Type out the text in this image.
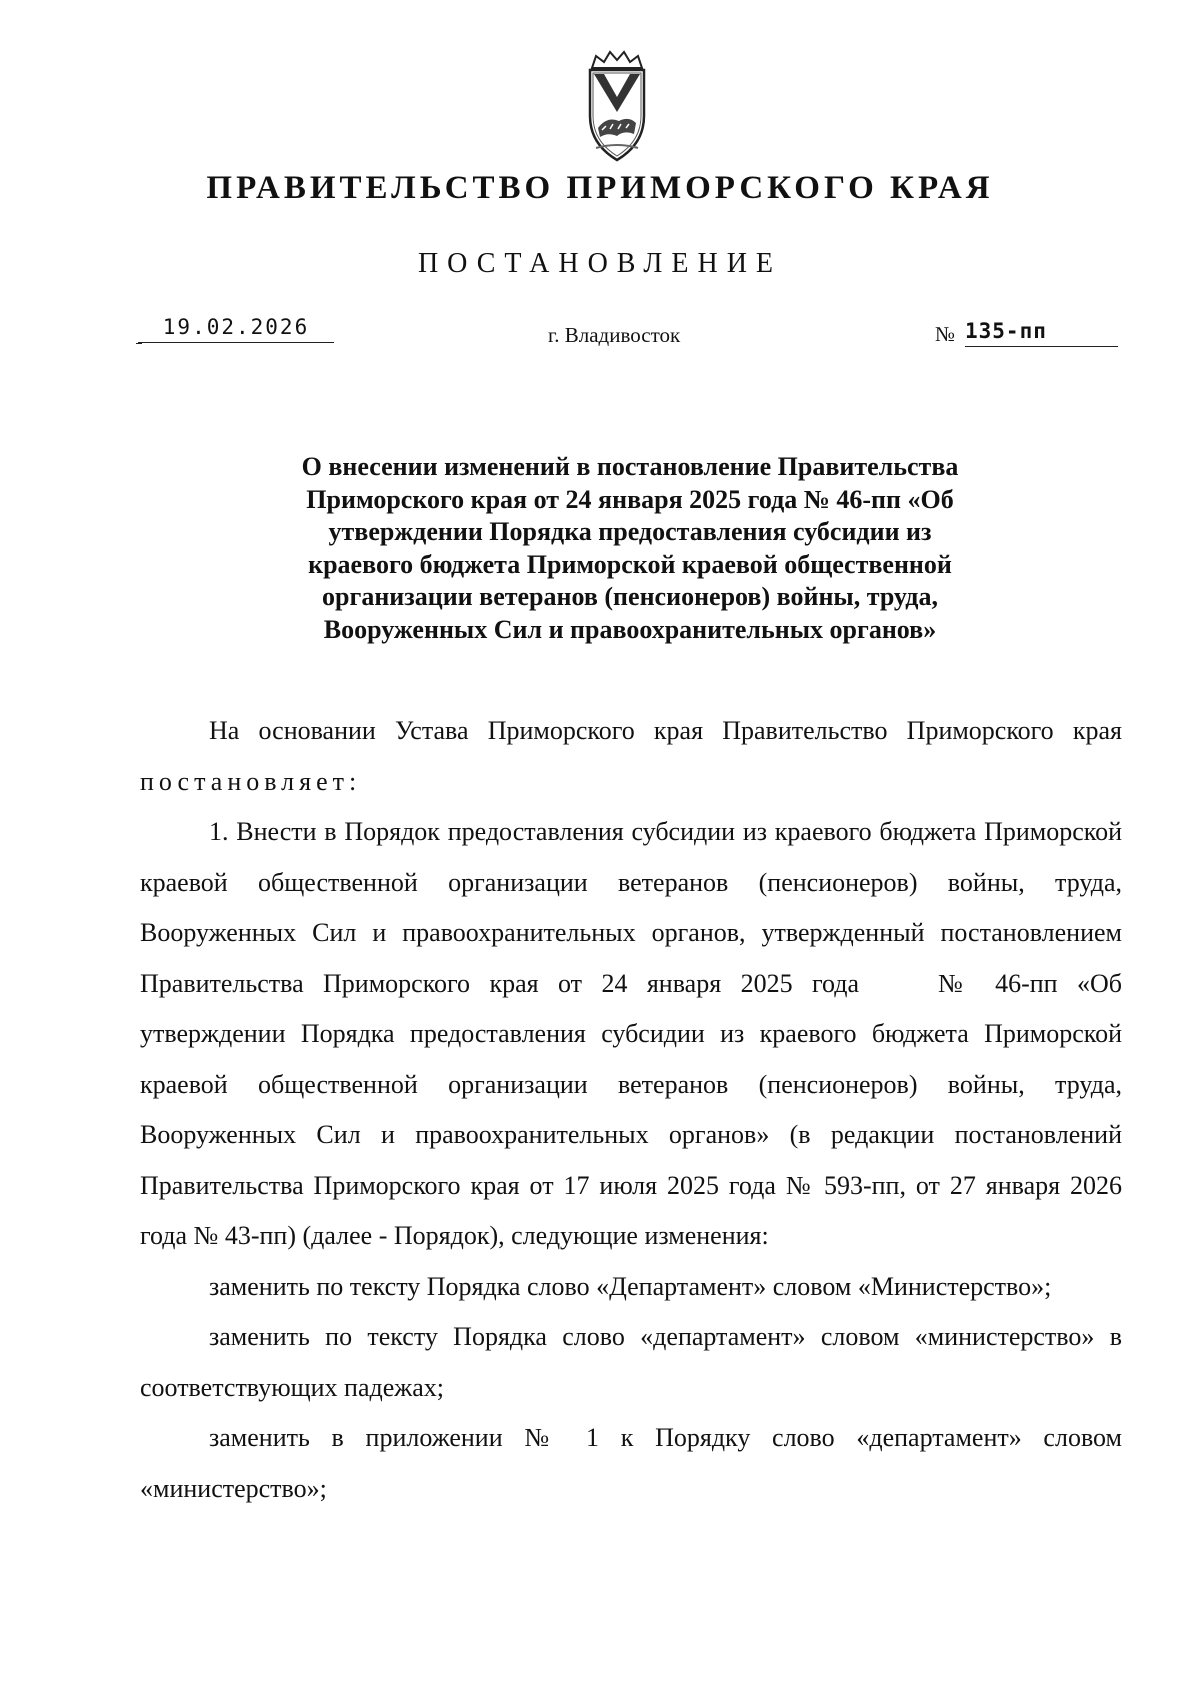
ПРАВИТЕЛЬСТВО ПРИМОРСКОГО КРАЯ
ПОСТАНОВЛЕНИЕ
19.02.2026	г. Владивосток	№ 135-пп
О внесении изменений в постановление Правительства
Приморского края от 24 января 2025 года № 46-пп «Об
утверждении Порядка предоставления субсидии из
краевого бюджета Приморской краевой общественной
организации ветеранов (пенсионеров) войны, труда,
Вооруженных Сил и правоохранительных органов»

На основании Устава Приморского края Правительство Приморского края постановляет:

1. Внести в Порядок предоставления субсидии из краевого бюджета Приморской краевой общественной организации ветеранов (пенсионеров) войны, труда, Вооруженных Сил и правоохранительных органов, утвержденный постановлением Правительства Приморского края от 24 января 2025 года	№ 46-пп «Об утверждении Порядка предоставления субсидии из краевого бюджета Приморской краевой общественной организации ветеранов (пенсионеров) войны, труда, Вооруженных Сил и правоохранительных органов» (в редакции постановлений Правительства Приморского края от 17 июля 2025 года № 593-пп, от 27 января 2026 года № 43-пп) (далее - Порядок), следующие изменения:

заменить по тексту Порядка слово «Департамент» словом «Министерство»;

заменить по тексту Порядка слово «департамент» словом «министерство» в соответствующих падежах;

заменить в приложении № 1 к Порядку слово «департамент» словом «министерство»;
